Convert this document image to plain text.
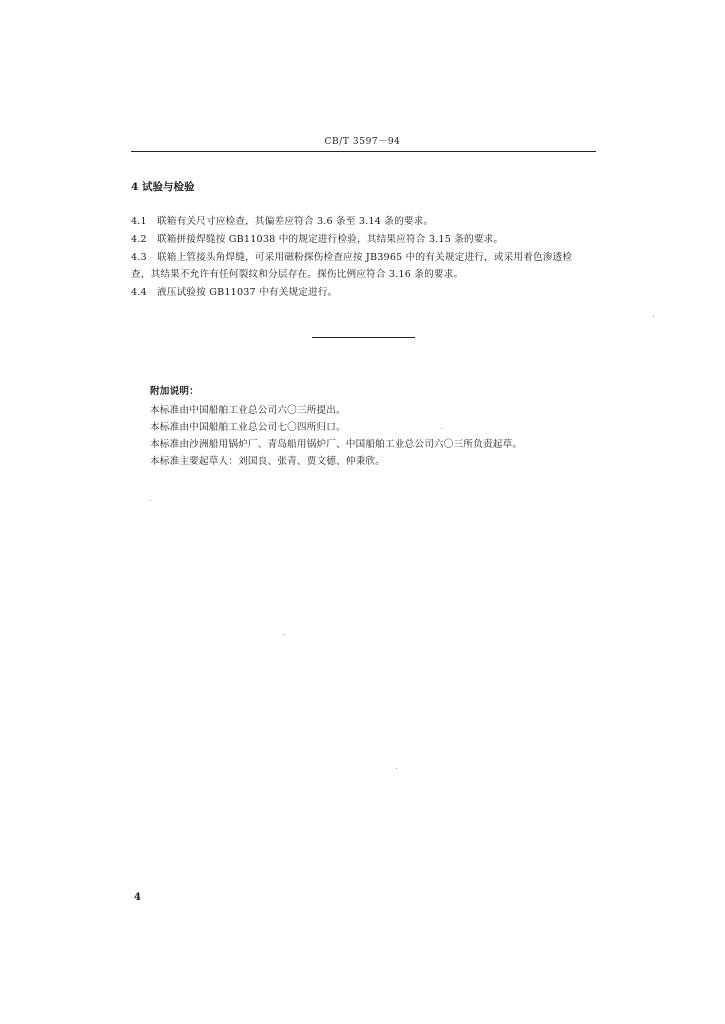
CB/T 3597－94
4 试验与检验
4.1 联箱有关尺寸应检查，其偏差应符合 3.6 条至 3.14 条的要求。
4.2 联箱拼接焊缝按 GB11038 中的规定进行检验，其结果应符合 3.15 条的要求。
4.3 联箱上管接头角焊缝，可采用磁粉探伤检查应按 JB3965 中的有关规定进行，或采用着色渗透检
查，其结果不允许有任何裂纹和分层存在。探伤比例应符合 3.16 条的要求。
4.4 液压试验按 GB11037 中有关规定进行。
附加说明：
本标准由中国船舶工业总公司六〇三所提出。
本标准由中国船舶工业总公司七〇四所归口。
本标准由沙洲船用锅炉厂、青岛船用锅炉厂、中国船舶工业总公司六〇三所负责起草。
本标准主要起草人：刘国良、张青、贾文德、仲秉欣。
4
